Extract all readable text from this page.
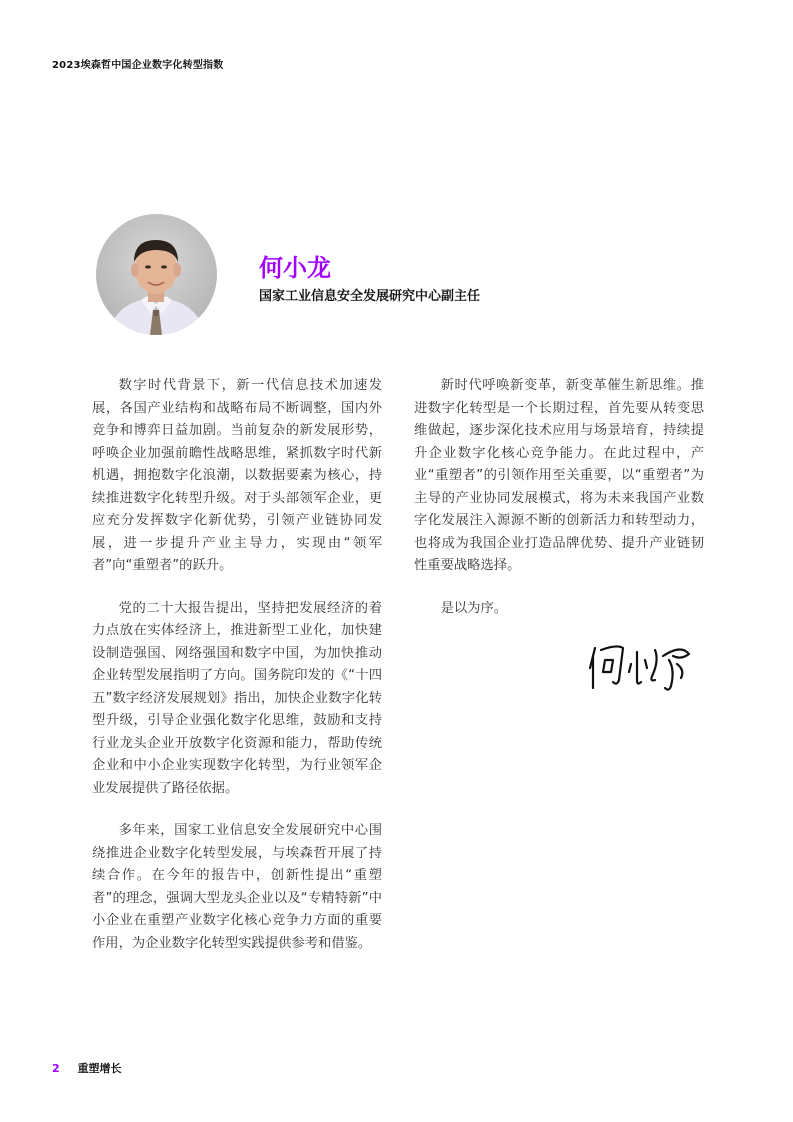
2023埃森哲中国企业数字化转型指数
何小龙
国家工业信息安全发展研究中心副主任

数字时代背景下，新一代信息技术加速发展，各国产业结构和战略布局不断调整，国内外竞争和博弈日益加剧。当前复杂的新发展形势，呼唤企业加强前瞻性战略思维，紧抓数字时代新机遇，拥抱数字化浪潮，以数据要素为核心，持续推进数字化转型升级。对于头部领军企业，更应充分发挥数字化新优势，引领产业链协同发展，进一步提升产业主导力，实现由“领军者”向“重塑者”的跃升。

党的二十大报告提出，坚持把发展经济的着力点放在实体经济上，推进新型工业化，加快建设制造强国、网络强国和数字中国，为加快推动企业转型发展指明了方向。国务院印发的《“十四五”数字经济发展规划》指出，加快企业数字化转型升级，引导企业强化数字化思维，鼓励和支持行业龙头企业开放数字化资源和能力，帮助传统企业和中小企业实现数字化转型，为行业领军企业发展提供了路径依据。

多年来，国家工业信息安全发展研究中心围绕推进企业数字化转型发展，与埃森哲开展了持续合作。在今年的报告中，创新性提出“重塑者”的理念，强调大型龙头企业以及“专精特新”中小企业在重塑产业数字化核心竞争力方面的重要作用，为企业数字化转型实践提供参考和借鉴。

新时代呼唤新变革，新变革催生新思维。推进数字化转型是一个长期过程，首先要从转变思维做起，逐步深化技术应用与场景培育，持续提升企业数字化核心竞争能力。在此过程中，产业“重塑者”的引领作用至关重要，以“重塑者”为主导的产业协同发展模式，将为未来我国产业数字化发展注入源源不断的创新活力和转型动力，也将成为我国企业打造品牌优势、提升产业链韧性重要战略选择。

是以为序。

2 重塑增长
